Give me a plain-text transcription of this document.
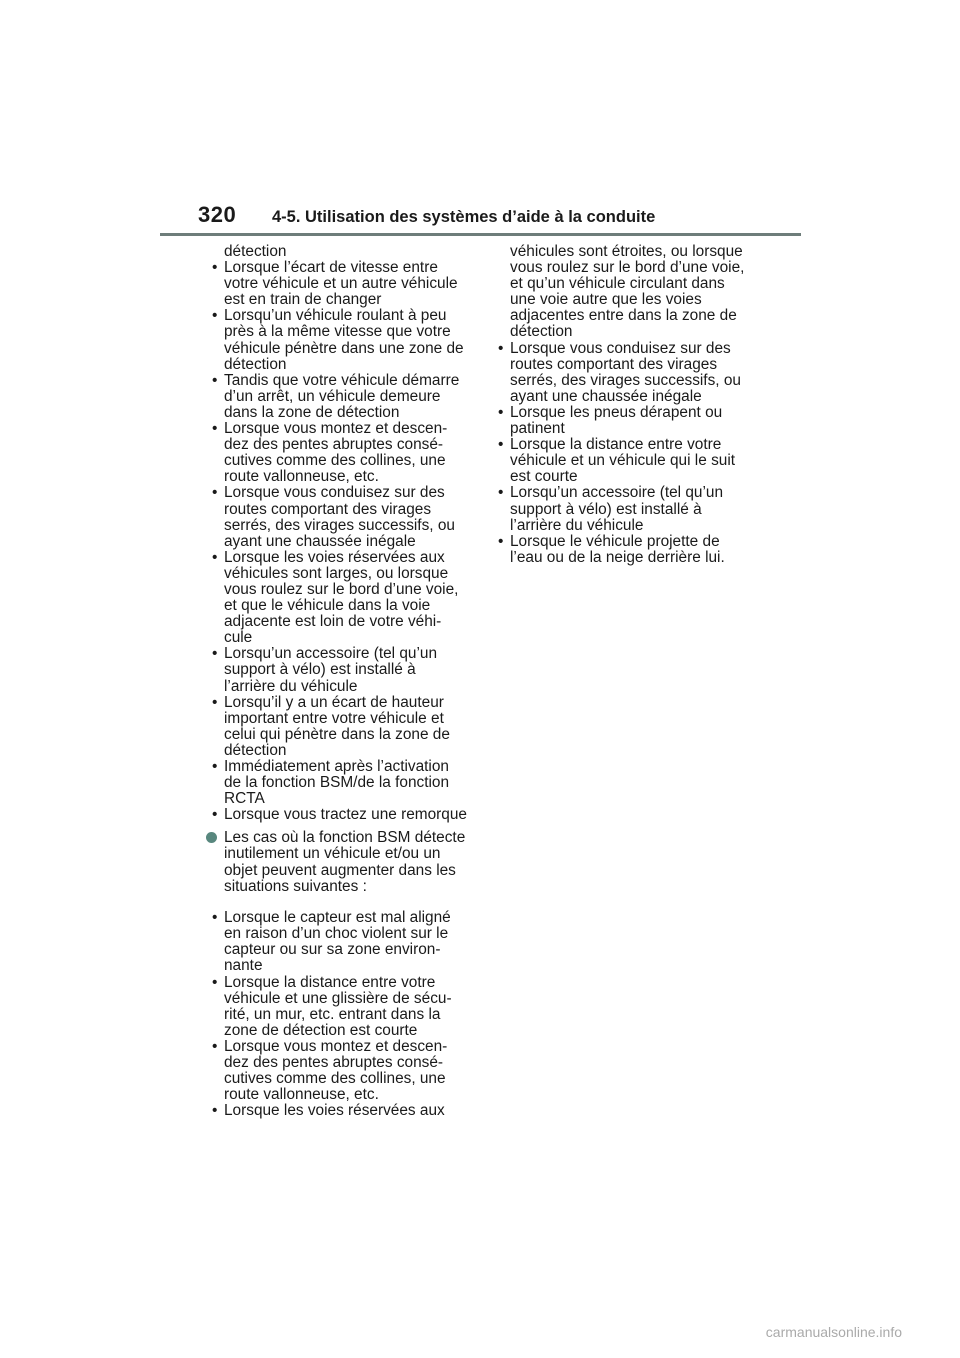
320 4-5. Utilisation des systèmes d’aide à la conduite

détection

• Lorsque l’écart de vitesse entre votre véhicule et un autre véhicule est en train de changer

• Lorsqu’un véhicule roulant à peu près à la même vitesse que votre véhicule pénètre dans une zone de détection

• Tandis que votre véhicule démarre d’un arrêt, un véhicule demeure dans la zone de détection

• Lorsque vous montez et descen-dez des pentes abruptes consé-cutives comme des collines, une route vallonneuse, etc.

• Lorsque vous conduisez sur des routes comportant des virages serrés, des virages successifs, ou ayant une chaussée inégale

• Lorsque les voies réservées aux véhicules sont larges, ou lorsque vous roulez sur le bord d’une voie, et que le véhicule dans la voie adjacente est loin de votre véhi-cule

• Lorsqu’un accessoire (tel qu’un support à vélo) est installé à l’arrière du véhicule

• Lorsqu’il y a un écart de hauteur important entre votre véhicule et celui qui pénètre dans la zone de détection

• Immédiatement après l’activation de la fonction BSM/de la fonction RCTA

• Lorsque vous tractez une remorque

Les cas où la fonction BSM détecte inutilement un véhicule et/ou un objet peuvent augmenter dans les situations suivantes :

• Lorsque le capteur est mal aligné en raison d’un choc violent sur le capteur ou sur sa zone environ-nante

• Lorsque la distance entre votre véhicule et une glissière de sécu-rité, un mur, etc. entrant dans la zone de détection est courte

• Lorsque vous montez et descen-dez des pentes abruptes consé-cutives comme des collines, une route vallonneuse, etc.

• Lorsque les voies réservées aux

véhicules sont étroites, ou lorsque vous roulez sur le bord d’une voie, et qu’un véhicule circulant dans une voie autre que les voies adjacentes entre dans la zone de détection

• Lorsque vous conduisez sur des routes comportant des virages serrés, des virages successifs, ou ayant une chaussée inégale

• Lorsque les pneus dérapent ou patinent

• Lorsque la distance entre votre véhicule et un véhicule qui le suit est courte

• Lorsqu’un accessoire (tel qu’un support à vélo) est installé à l’arrière du véhicule

• Lorsque le véhicule projette de l’eau ou de la neige derrière lui.

carmanualsonline.info
